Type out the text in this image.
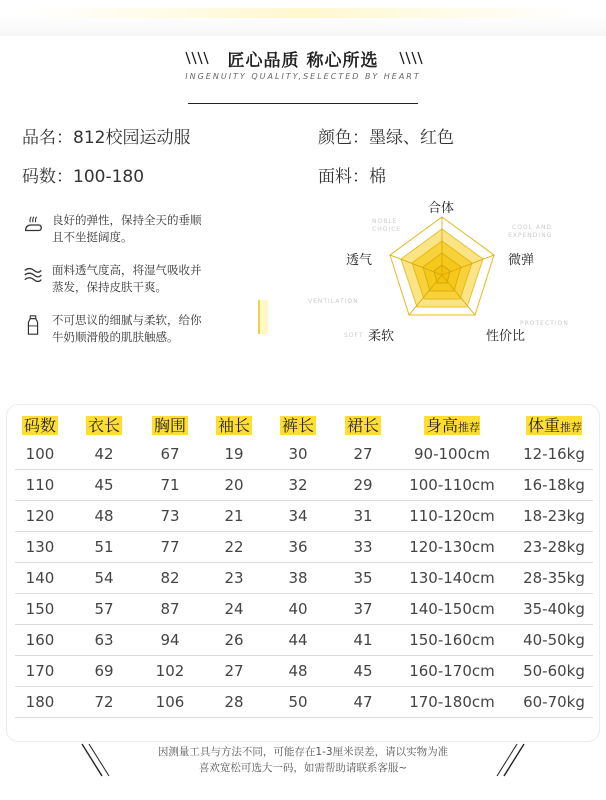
匠心品质 称心所选
INGENUITY QUALITY,SELECTED BY HEART
品名：812校园运动服	颜色：墨绿、红色
码数：100-180	面料：棉
良好的弹性，保持全天的垂顺
且不坐挺阔度。
面料透气度高，将湿气吸收并
蒸发，保持皮肤干爽。
不可思议的细腻与柔软，给你
牛奶顺滑般的肌肤触感。
合体
微弹
性价比
柔软
透气
COOL AND
EXPENDING
VENTILATION
SOFT
PROTECTION
NOBLE
CHOICE
码数	衣长	胸围	袖长	裤长	裙长	身高推荐	体重推荐
100	42	67	19	30	27	90-100cm	12-16kg
110	45	71	20	32	29	100-110cm	16-18kg
120	48	73	21	34	31	110-120cm	18-23kg
130	51	77	22	36	33	120-130cm	23-28kg
140	54	82	23	38	35	130-140cm	28-35kg
150	57	87	24	40	37	140-150cm	35-40kg
160	63	94	26	44	41	150-160cm	40-50kg
170	69	102	27	48	45	160-170cm	50-60kg
180	72	106	28	50	47	170-180cm	60-70kg
因测量工具与方法不同，可能存在1-3厘米误差，请以实物为准
喜欢宽松可选大一码，如需帮助请联系客服~
